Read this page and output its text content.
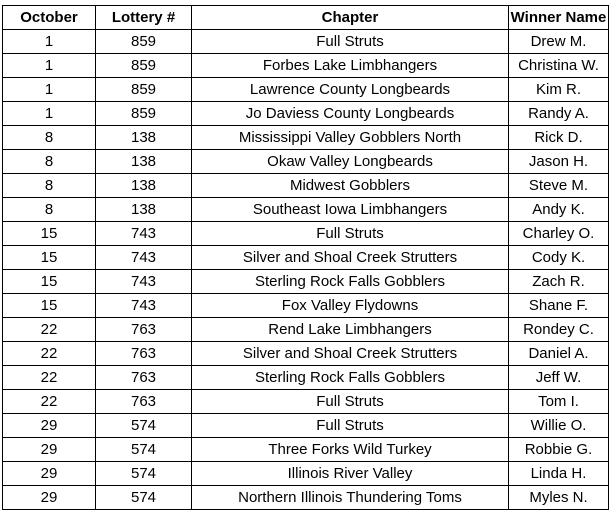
October	Lottery #	Chapter	Winner Name
1	859	Full Struts	Drew M.
1	859	Forbes Lake Limbhangers	Christina W.
1	859	Lawrence County Longbeards	Kim R.
1	859	Jo Daviess County Longbeards	Randy A.
8	138	Mississippi Valley Gobblers North	Rick D.
8	138	Okaw Valley Longbeards	Jason H.
8	138	Midwest Gobblers	Steve M.
8	138	Southeast Iowa Limbhangers	Andy K.
15	743	Full Struts	Charley O.
15	743	Silver and Shoal Creek Strutters	Cody K.
15	743	Sterling Rock Falls Gobblers	Zach R.
15	743	Fox Valley Flydowns	Shane F.
22	763	Rend Lake Limbhangers	Rondey C.
22	763	Silver and Shoal Creek Strutters	Daniel A.
22	763	Sterling Rock Falls Gobblers	Jeff W.
22	763	Full Struts	Tom I.
29	574	Full Struts	Willie O.
29	574	Three Forks Wild Turkey	Robbie G.
29	574	Illinois River Valley	Linda H.
29	574	Northern Illinois Thundering Toms	Myles N.
